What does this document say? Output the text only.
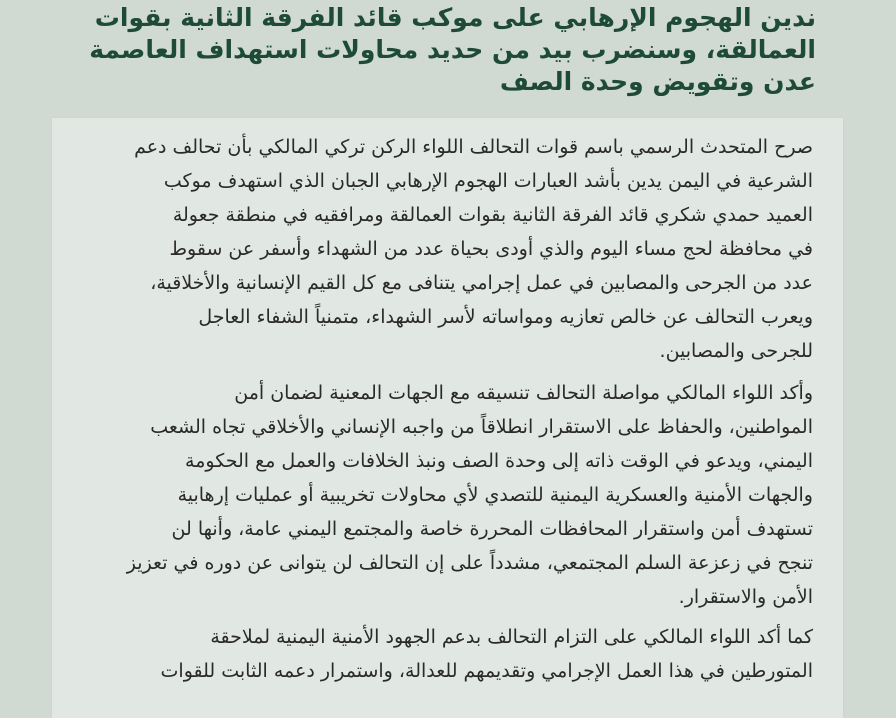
ندين الهجوم الإرهابي على موكب قائد الفرقة الثانية بقوات
العمالقة، وسنضرب بيد من حديد محاولات استهداف العاصمة
عدن وتقويض وحدة الصف
صرح المتحدث الرسمي باسم قوات التحالف اللواء الركن تركي المالكي بأن تحالف دعم
الشرعية في اليمن يدين بأشد العبارات الهجوم الإرهابي الجبان الذي استهدف موكب
العميد حمدي شكري قائد الفرقة الثانية بقوات العمالقة ومرافقيه في منطقة جعولة
في محافظة لحج مساء اليوم والذي أودى بحياة عدد من الشهداء وأسفر عن سقوط
عدد من الجرحى والمصابين في عمل إجرامي يتنافى مع كل القيم الإنسانية والأخلاقية،
ويعرب التحالف عن خالص تعازيه ومواساته لأسر الشهداء، متمنياً الشفاء العاجل
للجرحى والمصابين.
وأكد اللواء المالكي مواصلة التحالف تنسيقه مع الجهات المعنية لضمان أمن
المواطنين، والحفاظ على الاستقرار انطلاقاً من واجبه الإنساني والأخلاقي تجاه الشعب
اليمني، ويدعو في الوقت ذاته إلى وحدة الصف ونبذ الخلافات والعمل مع الحكومة
والجهات الأمنية والعسكرية اليمنية للتصدي لأي محاولات تخريبية أو عمليات إرهابية
تستهدف أمن واستقرار المحافظات المحررة خاصة والمجتمع اليمني عامة، وأنها لن
تنجح في زعزعة السلم المجتمعي، مشدداً على إن التحالف لن يتوانى عن دوره في تعزيز
الأمن والاستقرار.
كما أكد اللواء المالكي على التزام التحالف بدعم الجهود الأمنية اليمنية لملاحقة
المتورطين في هذا العمل الإجرامي وتقديمهم للعدالة، واستمرار دعمه الثابت للقوات
